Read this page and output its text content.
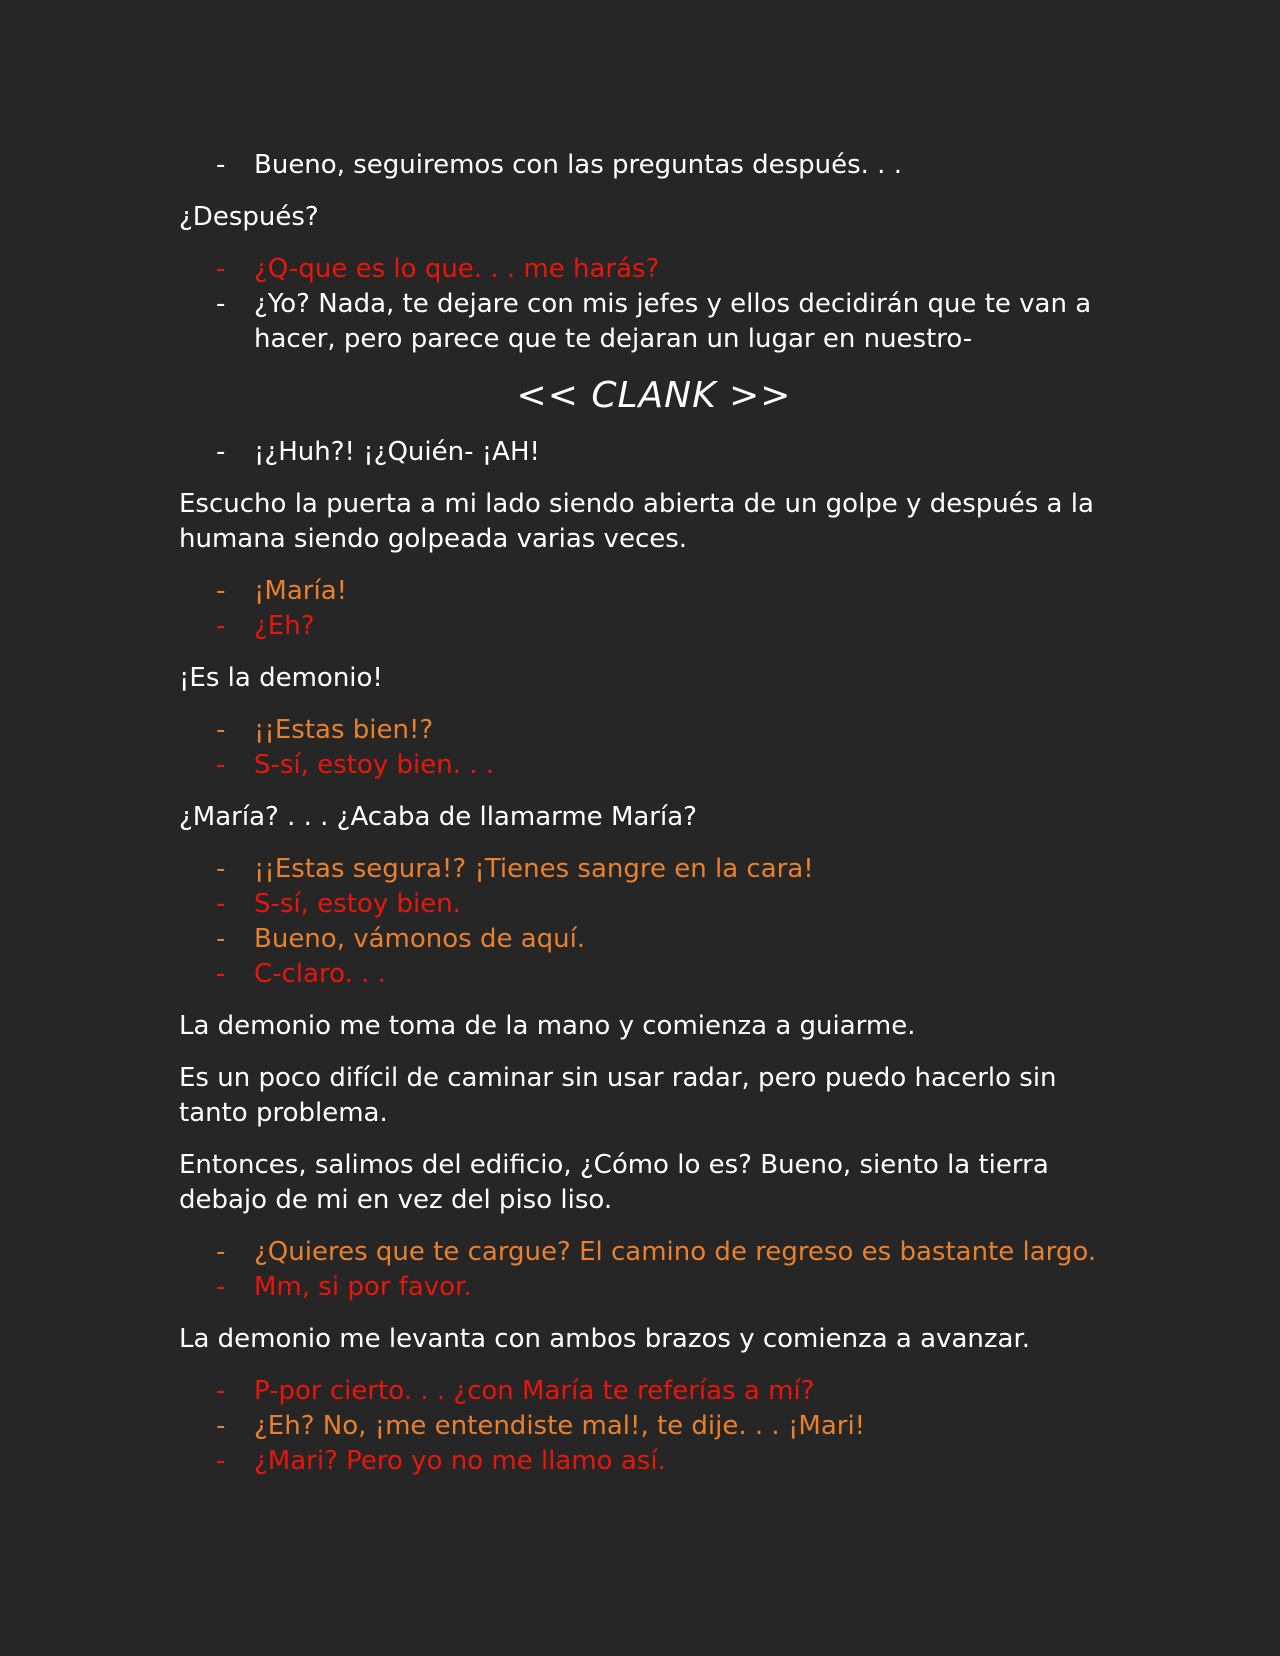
- Bueno, seguiremos con las preguntas después. . .

¿Después?

- ¿Q-que es lo que. . . me harás?
- ¿Yo? Nada, te dejare con mis jefes y ellos decidirán que te van a hacer, pero parece que te dejaran un lugar en nuestro-
<< CLANK >>
- ¡¿Huh?! ¡¿Quién- ¡AH!

Escucho la puerta a mi lado siendo abierta de un golpe y después a la humana siendo golpeada varias veces.

- ¡María!
- ¿Eh?

¡Es la demonio!

- ¡¡Estas bien!?
- S-sí, estoy bien. . .

¿María? . . . ¿Acaba de llamarme María?

- ¡¡Estas segura!? ¡Tienes sangre en la cara!
- S-sí, estoy bien.
- Bueno, vámonos de aquí.
- C-claro. . .

La demonio me toma de la mano y comienza a guiarme.

Es un poco difícil de caminar sin usar radar, pero puedo hacerlo sin tanto problema.

Entonces, salimos del edificio, ¿Cómo lo es? Bueno, siento la tierra debajo de mi en vez del piso liso.

- ¿Quieres que te cargue? El camino de regreso es bastante largo.
- Mm, si por favor.

La demonio me levanta con ambos brazos y comienza a avanzar.

- P-por cierto. . . ¿con María te referías a mí?
- ¿Eh? No, ¡me entendiste mal!, te dije. . . ¡Mari!
- ¿Mari? Pero yo no me llamo así.
